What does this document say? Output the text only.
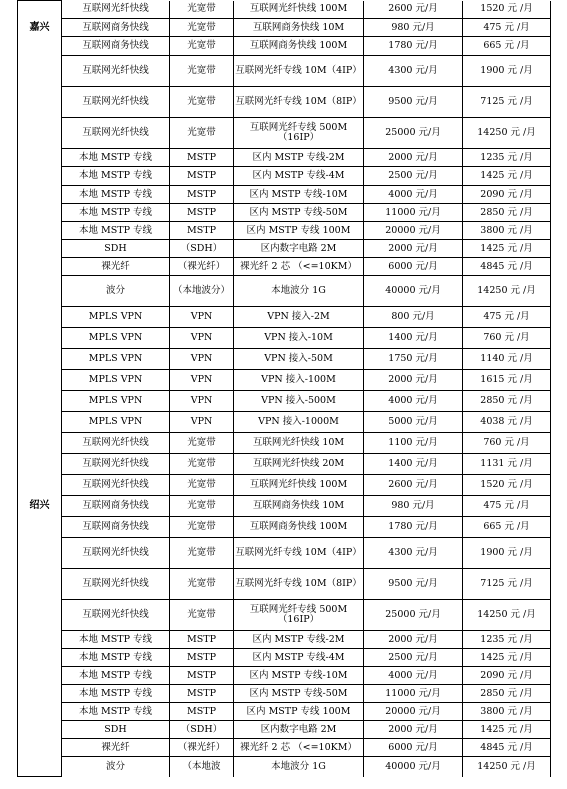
	互联网光纤快线	光宽带	互联网光纤快线 100M	2600 元/月	1520 元 /月
嘉兴	互联网商务快线	光宽带	互联网商务快线 10M	980 元/月	475 元 /月
	互联网商务快线	光宽带	互联网商务快线 100M	1780 元/月	665 元 /月
	互联网光纤快线	光宽带	互联网光纤专线 10M（4IP）	4300 元/月	1900 元 /月
	互联网光纤快线	光宽带	互联网光纤专线 10M（8IP）	9500 元/月	7125 元 /月
	互联网光纤快线	光宽带	互联网光纤专线 500M（16IP）	25000 元/月	14250 元 /月
	本地 MSTP 专线	MSTP	区内 MSTP 专线-2M	2000 元/月	1235 元 /月
	本地 MSTP 专线	MSTP	区内 MSTP 专线-4M	2500 元/月	1425 元 /月
	本地 MSTP 专线	MSTP	区内 MSTP 专线-10M	4000 元/月	2090 元 /月
	本地 MSTP 专线	MSTP	区内 MSTP 专线-50M	11000 元/月	2850 元 /月
	本地 MSTP 专线	MSTP	区内 MSTP 专线 100M	20000 元/月	3800 元 /月
	SDH	（SDH）	区内数字电路 2M	2000 元/月	1425 元 /月
	裸光纤	（裸光纤）	裸光纤 2 芯 （<=10KM）	6000 元/月	4845 元 /月
	波分	（本地波分）	本地波分 1G	40000 元/月	14250 元 /月
	MPLS VPN	VPN	VPN 接入-2M	800 元/月	475 元 /月
	MPLS VPN	VPN	VPN 接入-10M	1400 元/月	760 元 /月
	MPLS VPN	VPN	VPN 接入-50M	1750 元/月	1140 元 /月
	MPLS VPN	VPN	VPN 接入-100M	2000 元/月	1615 元 /月
	MPLS VPN	VPN	VPN 接入-500M	4000 元/月	2850 元 /月
	MPLS VPN	VPN	VPN 接入-1000M	5000 元/月	4038 元 /月
	互联网光纤快线	光宽带	互联网光纤快线 10M	1100 元/月	760 元 /月
	互联网光纤快线	光宽带	互联网光纤快线 20M	1400 元/月	1131 元 /月
	互联网光纤快线	光宽带	互联网光纤快线 100M	2600 元/月	1520 元 /月
绍兴	互联网商务快线	光宽带	互联网商务快线 10M	980 元/月	475 元 /月
	互联网商务快线	光宽带	互联网商务快线 100M	1780 元/月	665 元 /月
	互联网光纤快线	光宽带	互联网光纤专线 10M（4IP）	4300 元/月	1900 元 /月
	互联网光纤快线	光宽带	互联网光纤专线 10M（8IP）	9500 元/月	7125 元 /月
	互联网光纤快线	光宽带	互联网光纤专线 500M（16IP）	25000 元/月	14250 元 /月
	本地 MSTP 专线	MSTP	区内 MSTP 专线-2M	2000 元/月	1235 元 /月
	本地 MSTP 专线	MSTP	区内 MSTP 专线-4M	2500 元/月	1425 元 /月
	本地 MSTP 专线	MSTP	区内 MSTP 专线-10M	4000 元/月	2090 元 /月
	本地 MSTP 专线	MSTP	区内 MSTP 专线-50M	11000 元/月	2850 元 /月
	本地 MSTP 专线	MSTP	区内 MSTP 专线 100M	20000 元/月	3800 元 /月
	SDH	（SDH）	区内数字电路 2M	2000 元/月	1425 元 /月
	裸光纤	（裸光纤）	裸光纤 2 芯 （<=10KM）	6000 元/月	4845 元 /月
	波分	（本地波	本地波分 1G	40000 元/月	14250 元 /月
